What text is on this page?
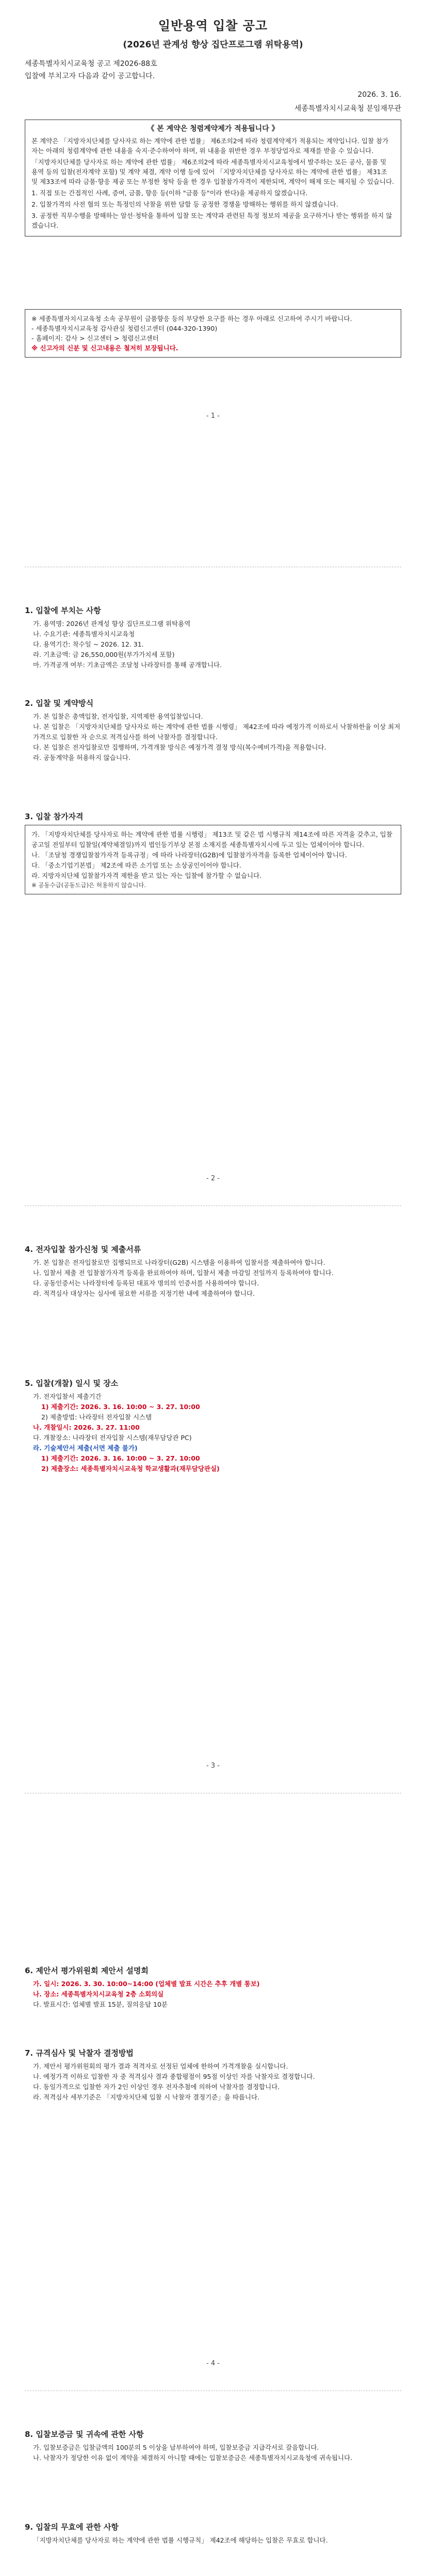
일반용역 입찰 공고
(2026년 관계성 향상 집단프로그램 위탁용역)
세종특별자치시교육청 공고 제2026-88호
입찰에 부치고자 다음과 같이 공고합니다.
2026. 3. 16.
세종특별자치시교육청 분임재무관
《 본 계약은 청렴계약제가 적용됩니다 》

본 계약은 「지방자치단체를 당사자로 하는 계약에 관한 법률」 제6조의2에 따라 청렴계약제가 적용되는 계약입니다. 입찰 참가자는 아래의 청렴계약에 관한 내용을 숙지·준수하여야 하며, 위 내용을 위반한 경우 부정당업자로 제재를 받을 수 있습니다.

「지방자치단체를 당사자로 하는 계약에 관한 법률」 제6조의2에 따라 세종특별자치시교육청에서 발주하는 모든 공사, 물품 및 용역 등의 입찰(전자계약 포함) 및 계약 체결, 계약 이행 등에 있어 「지방자치단체를 당사자로 하는 계약에 관한 법률」 제31조 및 제33조에 따라 금품·향응 제공 또는 부정한 청탁 등을 한 경우 입찰참가자격이 제한되며, 계약이 해제 또는 해지될 수 있습니다.

1. 직접 또는 간접적인 사례, 증여, 금품, 향응 등(이하 "금품 등"이라 한다)을 제공하지 않겠습니다.

2. 입찰가격의 사전 협의 또는 특정인의 낙찰을 위한 담합 등 공정한 경쟁을 방해하는 행위를 하지 않겠습니다.

3. 공정한 직무수행을 방해하는 알선·청탁을 통하여 입찰 또는 계약과 관련된 특정 정보의 제공을 요구하거나 받는 행위를 하지 않겠습니다.

※ 세종특별자치시교육청 소속 공무원이 금품향응 등의 부당한 요구를 하는 경우 아래로 신고하여 주시기 바랍니다.

- 세종특별자치시교육청 감사관실 청렴신고센터 (044-320-1390)

- 홈페이지: 감사 > 신고센터 > 청렴신고센터

※ 신고자의 신분 및 신고내용은 철저히 보장됩니다.

- 1 -
1. 입찰에 부치는 사항
가. 용역명: 2026년 관계성 향상 집단프로그램 위탁용역
나. 수요기관: 세종특별자치시교육청
다. 용역기간: 착수일 ~ 2026. 12. 31.
라. 기초금액: 금 26,550,000원(부가가치세 포함)
마. 가격공개 여부: 기초금액은 조달청 나라장터를 통해 공개합니다.
2. 입찰 및 계약방식
가. 본 입찰은 총액입찰, 전자입찰, 지역제한 용역입찰입니다.
나. 본 입찰은 「지방자치단체를 당사자로 하는 계약에 관한 법률 시행령」 제42조에 따라 예정가격 이하로서 낙찰하한율 이상 최저가격으로 입찰한 자 순으로 적격심사를 하여 낙찰자를 결정합니다.
다. 본 입찰은 전자입찰로만 집행하며, 가격개찰 방식은 예정가격 결정 방식(복수예비가격)을 적용합니다.
라. 공동계약을 허용하지 않습니다.
3. 입찰 참가자격
가. 「지방자치단체를 당사자로 하는 계약에 관한 법률 시행령」 제13조 및 같은 법 시행규칙 제14조에 따른 자격을 갖추고, 입찰공고일 전일부터 입찰일(계약체결일)까지 법인등기부상 본점 소재지를 세종특별자치시에 두고 있는 업체이어야 합니다.
나. 「조달청 경쟁입찰참가자격 등록규정」에 따라 나라장터(G2B)에 입찰참가자격을 등록한 업체이어야 합니다.
다. 「중소기업기본법」 제2조에 따른 소기업 또는 소상공인이어야 합니다.
라. 지방자치단체 입찰참가자격 제한을 받고 있는 자는 입찰에 참가할 수 없습니다.
※ 공동수급(공동도급)은 허용하지 않습니다.
- 2 -
4. 전자입찰 참가신청 및 제출서류
가. 본 입찰은 전자입찰로만 집행되므로 나라장터(G2B) 시스템을 이용하여 입찰서를 제출하여야 합니다.
나. 입찰서 제출 전 입찰참가자격 등록을 완료하여야 하며, 입찰서 제출 마감일 전일까지 등록하여야 합니다.
다. 공동인증서는 나라장터에 등록된 대표자 명의의 인증서를 사용하여야 합니다.
라. 적격심사 대상자는 심사에 필요한 서류를 지정기한 내에 제출하여야 합니다.
5. 입찰(개찰) 일시 및 장소
가. 전자입찰서 제출기간
1) 제출기간: 2026. 3. 16. 10:00 ~ 3. 27. 10:00
2) 제출방법: 나라장터 전자입찰 시스템
나. 개찰일시: 2026. 3. 27. 11:00
다. 개찰장소: 나라장터 전자입찰 시스템(재무담당관 PC)
라. 기술제안서 제출(서면 제출 불가)
1) 제출기간: 2026. 3. 16. 10:00 ~ 3. 27. 10:00
2) 제출장소: 세종특별자치시교육청 학교생활과(재무담당관실)
- 3 -
6. 제안서 평가위원회 제안서 설명회
가. 일시: 2026. 3. 30. 10:00~14:00 (업체별 발표 시간은 추후 개별 통보)
나. 장소: 세종특별자치시교육청 2층 소회의실
다. 발표시간: 업체별 발표 15분, 질의응답 10분
7. 규격심사 및 낙찰자 결정방법
가. 제안서 평가위원회의 평가 결과 적격자로 선정된 업체에 한하여 가격개찰을 실시합니다.
나. 예정가격 이하로 입찰한 자 중 적격심사 결과 종합평점이 95점 이상인 자를 낙찰자로 결정합니다.
다. 동일가격으로 입찰한 자가 2인 이상인 경우 전자추첨에 의하여 낙찰자를 결정합니다.
라. 적격심사 세부기준은 「지방자치단체 입찰 시 낙찰자 결정기준」을 따릅니다.
- 4 -
8. 입찰보증금 및 귀속에 관한 사항
가. 입찰보증금은 입찰금액의 100분의 5 이상을 납부하여야 하며, 입찰보증금 지급각서로 갈음합니다.
나. 낙찰자가 정당한 이유 없이 계약을 체결하지 아니할 때에는 입찰보증금은 세종특별자치시교육청에 귀속됩니다.
9. 입찰의 무효에 관한 사항
「지방자치단체를 당사자로 하는 계약에 관한 법률 시행규칙」 제42조에 해당하는 입찰은 무효로 합니다.
